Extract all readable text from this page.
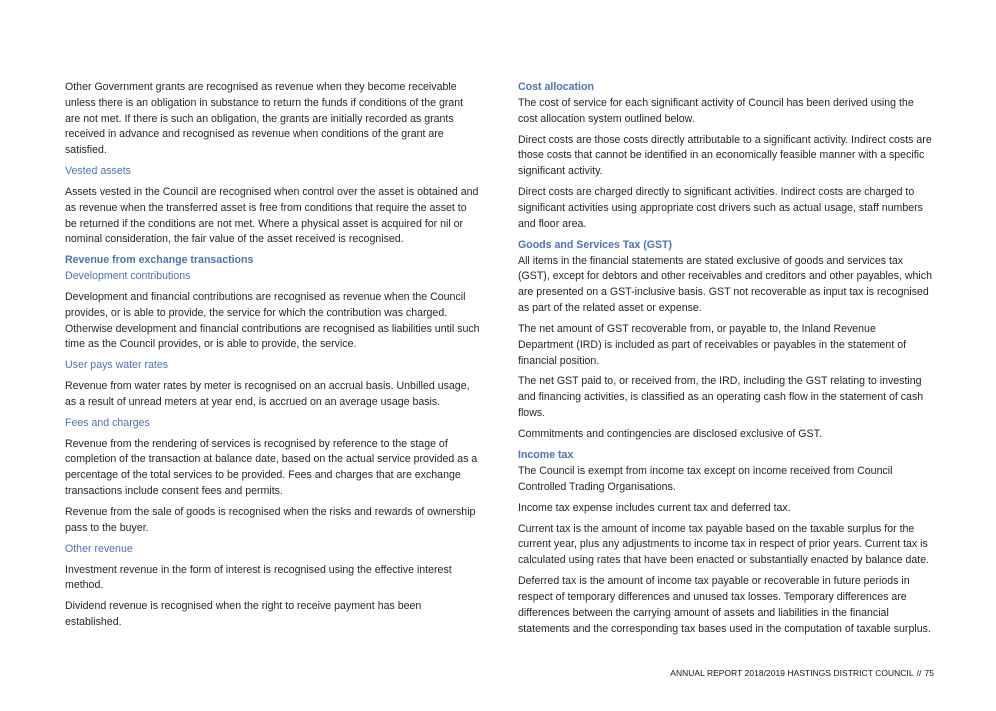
Other Government grants are recognised as revenue when they become receivable unless there is an obligation in substance to return the funds if conditions of the grant are not met. If there is such an obligation, the grants are initially recorded as grants received in advance and recognised as revenue when conditions of the grant are satisfied.

Vested assets

Assets vested in the Council are recognised when control over the asset is obtained and as revenue when the transferred asset is free from conditions that require the asset to be returned if the conditions are not met. Where a physical asset is acquired for nil or nominal consideration, the fair value of the asset received is recognised.

Revenue from exchange transactions

Development contributions

Development and financial contributions are recognised as revenue when the Council provides, or is able to provide, the service for which the contribution was charged. Otherwise development and financial contributions are recognised as liabilities until such time as the Council provides, or is able to provide, the service.

User pays water rates

Revenue from water rates by meter is recognised on an accrual basis. Unbilled usage, as a result of unread meters at year end, is accrued on an average usage basis.

Fees and charges

Revenue from the rendering of services is recognised by reference to the stage of completion of the transaction at balance date, based on the actual service provided as a percentage of the total services to be provided. Fees and charges that are exchange transactions include consent fees and permits.

Revenue from the sale of goods is recognised when the risks and rewards of ownership pass to the buyer.

Other revenue

Investment revenue in the form of interest is recognised using the effective interest method.

Dividend revenue is recognised when the right to receive payment has been established.

Cost allocation

The cost of service for each significant activity of Council has been derived using the cost allocation system outlined below.

Direct costs are those costs directly attributable to a significant activity. Indirect costs are those costs that cannot be identified in an economically feasible manner with a specific significant activity.

Direct costs are charged directly to significant activities. Indirect costs are charged to significant activities using appropriate cost drivers such as actual usage, staff numbers and floor area.

Goods and Services Tax (GST)

All items in the financial statements are stated exclusive of goods and services tax (GST), except for debtors and other receivables and creditors and other payables, which are presented on a GST-inclusive basis. GST not recoverable as input tax is recognised as part of the related asset or expense.

The net amount of GST recoverable from, or payable to, the Inland Revenue Department (IRD) is included as part of receivables or payables in the statement of financial position.

The net GST paid to, or received from, the IRD, including the GST relating to investing and financing activities, is classified as an operating cash flow in the statement of cash flows.

Commitments and contingencies are disclosed exclusive of GST.

Income tax

The Council is exempt from income tax except on income received from Council Controlled Trading Organisations.

Income tax expense includes current tax and deferred tax.

Current tax is the amount of income tax payable based on the taxable surplus for the current year, plus any adjustments to income tax in respect of prior years. Current tax is calculated using rates that have been enacted or substantially enacted by balance date.

Deferred tax is the amount of income tax payable or recoverable in future periods in respect of temporary differences and unused tax losses. Temporary differences are differences between the carrying amount of assets and liabilities in the financial statements and the corresponding tax bases used in the computation of taxable surplus.

ANNUAL REPORT 2018/2019 HASTINGS DISTRICT COUNCIL // 75
